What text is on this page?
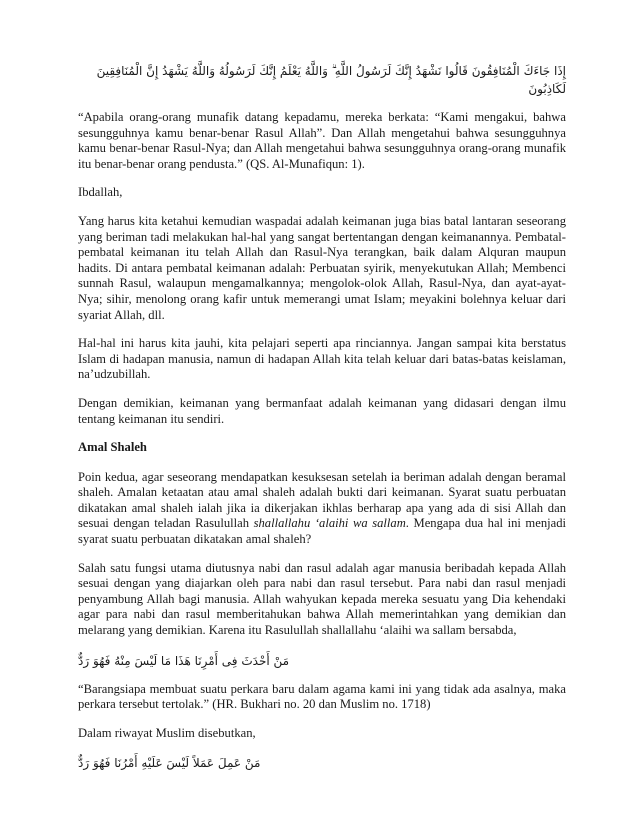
إِذَا جَاءَكَ الْمُنَافِقُونَ قَالُوا نَشْهَدُ إِنَّكَ لَرَسُولُ اللَّهِ ۗ وَاللَّهُ يَعْلَمُ إِنَّكَ لَرَسُولُهُ وَاللَّهُ يَشْهَدُ إِنَّ الْمُنَافِقِينَ لَكَاذِبُونَ

“Apabila orang-orang munafik datang kepadamu, mereka berkata: “Kami mengakui, bahwa sesungguhnya kamu benar-benar Rasul Allah”. Dan Allah mengetahui bahwa sesungguhnya kamu benar-benar Rasul-Nya; dan Allah mengetahui bahwa sesungguhnya orang-orang munafik itu benar-benar orang pendusta.” (QS. Al-Munafiqun: 1).

Ibdallah,

Yang harus kita ketahui kemudian waspadai adalah keimanan juga bias batal lantaran seseorang yang beriman tadi melakukan hal-hal yang sangat bertentangan dengan keimanannya. Pembatal-pembatal keimanan itu telah Allah dan Rasul-Nya terangkan, baik dalam Alquran maupun hadits. Di antara pembatal keimanan adalah: Perbuatan syirik, menyekutukan Allah; Membenci sunnah Rasul, walaupun mengamalkannya; mengolok-olok Allah, Rasul-Nya, dan ayat-ayat-Nya; sihir, menolong orang kafir untuk memerangi umat Islam; meyakini bolehnya keluar dari syariat Allah, dll.

Hal-hal ini harus kita jauhi, kita pelajari seperti apa rinciannya. Jangan sampai kita berstatus Islam di hadapan manusia, namun di hadapan Allah kita telah keluar dari batas-batas keislaman, na’udzubillah.

Dengan demikian, keimanan yang bermanfaat adalah keimanan yang didasari dengan ilmu tentang keimanan itu sendiri.

Amal Shaleh

Poin kedua, agar seseorang mendapatkan kesuksesan setelah ia beriman adalah dengan beramal shaleh. Amalan ketaatan atau amal shaleh adalah bukti dari keimanan. Syarat suatu perbuatan dikatakan amal shaleh ialah jika ia dikerjakan ikhlas berharap apa yang ada di sisi Allah dan sesuai dengan teladan Rasulullah shallallahu ‘alaihi wa sallam. Mengapa dua hal ini menjadi syarat suatu perbuatan dikatakan amal shaleh?

Salah satu fungsi utama diutusnya nabi dan rasul adalah agar manusia beribadah kepada Allah sesuai dengan yang diajarkan oleh para nabi dan rasul tersebut. Para nabi dan rasul menjadi penyambung Allah bagi manusia. Allah wahyukan kepada mereka sesuatu yang Dia kehendaki agar para nabi dan rasul memberitahukan bahwa Allah memerintahkan yang demikian dan melarang yang demikian. Karena itu Rasulullah shallallahu ‘alaihi wa sallam bersabda,

مَنْ أَحْدَثَ فِى أَمْرِنَا هَذَا مَا لَيْسَ مِنْهُ فَهُوَ رَدٌّ

“Barangsiapa membuat suatu perkara baru dalam agama kami ini yang tidak ada asalnya, maka perkara tersebut tertolak.” (HR. Bukhari no. 20 dan Muslim no. 1718)

Dalam riwayat Muslim disebutkan,

مَنْ عَمِلَ عَمَلاً لَيْسَ عَلَيْهِ أَمْرُنَا فَهُوَ رَدٌّ
